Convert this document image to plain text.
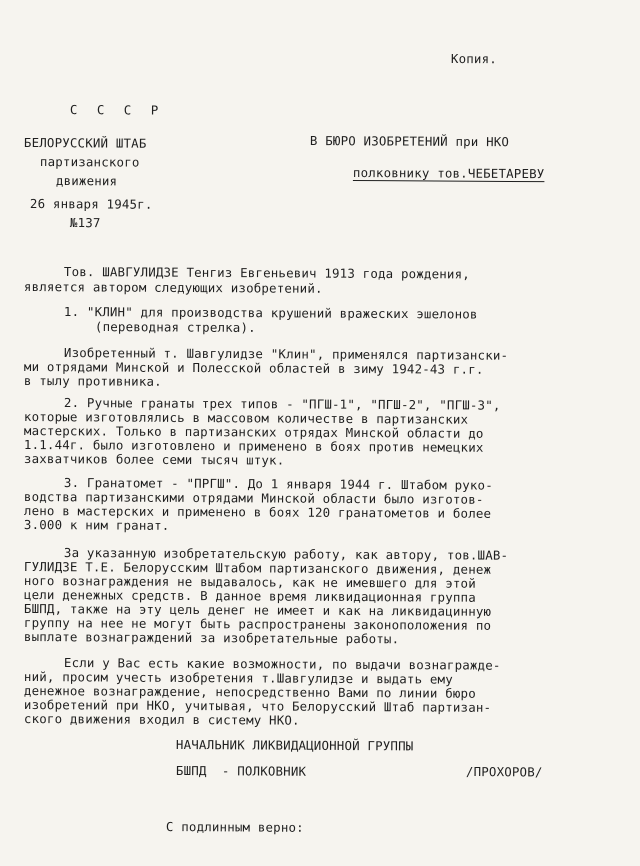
Копия.
С С С Р
БЕЛОРУССКИЙ ШТАБ
партизанского
движения
26 января 1945г.
№137
В БЮРО ИЗОБРЕТЕНИЙ при НКО
полковнику тов.ЧЕБЕТАРЕВУ
Тов. ШАВГУЛИДЗЕ Тенгиз Евгеньевич 1913 года рождения,
является автором следующих изобретений.
1. "КЛИН" для производства крушений вражеских эшелонов
(переводная стрелка).
Изобретенный т. Шавгулидзе "Клин", применялся партизански-
ми отрядами Минской и Полесской областей в зиму 1942-43 г.г.
в тылу противника.
2. Ручные гранаты трех типов - "ПГШ-1", "ПГШ-2", "ПГШ-3",
которые изготовлялись в массовом количестве в партизанских
мастерских. Только в партизанских отрядах Минской области до
1.1.44г. было изготовлено и применено в боях против немецких
захватчиков более семи тысяч штук.
3. Гранатомет - "ПРГШ". До 1 января 1944 г. Штабом руко-
водства партизанскими отрядами Минской области было изготов-
лено в мастерских и применено в боях 120 гранатометов и более
3.000 к ним гранат.
За указанную изобретательскую работу, как автору, тов.ШАВ-
ГУЛИДЗЕ Т.Е. Белорусским Штабом партизанского движения, денеж
ного вознаграждения не выдавалось, как не имевшего для этой
цели денежных средств. В данное время ликвидационная группа
БШПД, также на эту цель денег не имеет и как на ликвидацинную
группу на нее не могут быть распространены законоположения по
выплате вознаграждений за изобретательные работы.
Если у Вас есть какие возможности, по выдачи вознагражде-
ний, просим учесть изобретения т.Шавгулидзе и выдать ему
денежное вознаграждение, непосредственно Вами по линии бюро
изобретений при НКО, учитывая, что Белорусский Штаб партизан-
ского движения входил в систему НКО.
НАЧАЛЬНИК ЛИКВИДАЦИОННОЙ ГРУППЫ
БШПД  - ПОЛКОВНИК	/ПРОХОРОВ/
С подлинным верно:
